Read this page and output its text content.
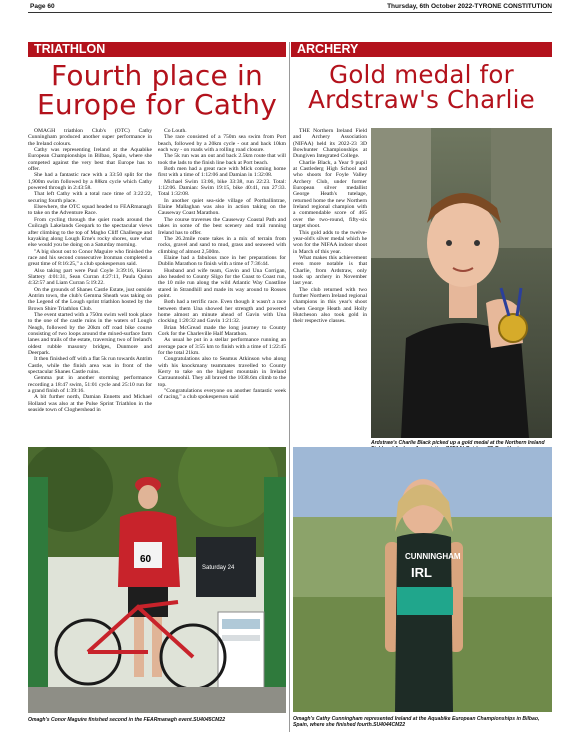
Page 60	Thursday, 6th October 2022-TYRONE CONSTITUTION
TRIATHLON	ARCHERY
Fourth place in
Europe for Cathy
Gold medal for
Ardstraw's Charlie

OMAGH triathlon Club's (OTC) Cathy Cunningham produced another super performance in the Ireland colours.

Cathy was representing Ireland at the Aquabike European Championships in Bilbao, Spain, where she competed against the very best that Europe has to offer.

She had a fantastic race with a 33:50 split for the 1,900m swim followed by a 88km cycle which Cathy powered through in 2:43:58.

That left Cathy with a total race time of 3:22:22, securing fourth place.

Elsewhere, the OTC squad headed to FEARmanagh to take on the Adventure Race.

From cycling through the quiet roads around the Cuilcagh Lakelands Geopark to the spectacular views after climbing to the top of Magho Cliff Challenge and kayaking along Lough Erne's rocky shores, sure what else would you be doing on a Saturday morning.

"A big shout out to Conor Maguire who finished the race and his second consecutive Ironman completed a great time of 8:16:25," a club spokesperson said.

Also taking part were Paul Coyle 3:39:16, Kieran Slattery 4:01:31, Sean Curran 4:27:11, Paula Quinn 4:32:57 and Liam Curran 5:19:22.

On the grounds of Shanes Castle Estate, just outside Antrim town, the club's Gemma Sheath was taking on the Legend of the Lough sprint triathlon hosted by the Brown Shire Triathlon Club.

The event started with a 750m swim well took place to the one of the castle ruins in the waters of Lough Neagh, followed by the 20km off road bike course consisting of two loops around the mixed-surface farm lanes and trails of the estate, traversing two of Ireland's oldest rubble masonry bridges, Dunmore and Deerpark.

It then finished off with a flat 5k run towards Antrim Castle, while the finish area was in front of the spectacular Shanes Castle ruins.

Gemma put in another storming performance recording a 18:47 swim, 51:01 cycle and 25:10 run for a grand finish of 1:39:16.

A bit further north, Damian Ennetts and Michael Holland was also at the Pulse Sprint Triathlon in the seaside town of Cloghershead in

Co Louth.

The race consisted of a 750m sea swim from Port beach, followed by a 20km cycle - out and back 10km each way - on roads with a rolling road closure.

The 5k run was an out and back 2.5km route that will took the lads to the finish line back at Port beach.

Both men had a great race with Mick coming home first with a time of 1:12:06 and Damian in 1:32:08.

Michael Swim 13:06, bike 33:38, run 22:23. Total: 1:12:06. Damian: Swim 19:15, bike 40:41, run 27:33. Total 1:32:08.

In another quiet sea-side village of Portballintrae, Elaine Mallaghan was also in action taking on the Causeway Coast Marathon.

The course traverses the Causeway Coastal Path and takes in some of the best scenery and trail running Ireland has to offer.

The 26.2mile route takes in a mix of terrain from rocks, gravel and sand to mud, grass and seaweed with climbing of almost 2,500m.

Elaine had a fabulous race in her preparations for Dublin Marathon to finish with a time of 7:36:44.

Husband and wife team, Gavin and Una Corrigan, also headed to County Sligo for the Coast to Coast run, the 10 mile run along the wild Atlantic Way Coastline stared in Strandhill and made its way around to Rosses point.

Both had a terrific race. Even though it wasn't a race between them Una showed her strength and powered home almost an minute ahead of Gavin with Una clocking 1:20:32 and Gavin 1:21:32.

Brian McGread made the long journey to County Cork for the Charleville Half Marathon.

As usual he put in a stellar performance running an average pace of 3:55 km to finish with a time of 1:22:45 for the total 21km.

Congratulations also to Seamus Atkinson who along with his knockmany teammates travelled to County Kerry to take on the highest mountain in Ireland Carrauntoohil. They all braved the 1038.6m climb to the top.

"Congratulations everyone on another fantastic week of racing," a club spokesperson said

THE Northern Ireland Field and Archery Association (NIFAA) held its 2022-23 3D Bowhunter Championships at Dungiven Integrated College.

Charlie Black, a Year 9 pupil at Castlederg High School and who shoots for Foyle Valley Archery Club, under former European silver medallist George Heath's tutelage, returned home the new Northern Ireland regional champion with a commendable score of 465 over the two-round, fifty-six target shoot.

This gold adds to the twelve-year-old's silver medal which he won for the NIFAA indoor shoot in March of this year.

What makes this achievement even more notable is that Charlie, from Ardstraw, only took up archery in November last year.

The club returned with two further Northern Ireland regional champions in this year's shoot when George Heath and Holly Hutcheson also took gold in their respective classes.

Ardstraw's Charlie Black picked up a gold medal at the Northern Ireland
Saturday 24
60
Omagh's Conor Maguire finished second in the FEARmanagh event.SU4045CM22
CUNNINGHAM
IRL
Omagh's Cathy Cunningham represented Ireland at the Aquabike European Championships in Bilbao, Spain, where she finished fourth.SU4044CM22
